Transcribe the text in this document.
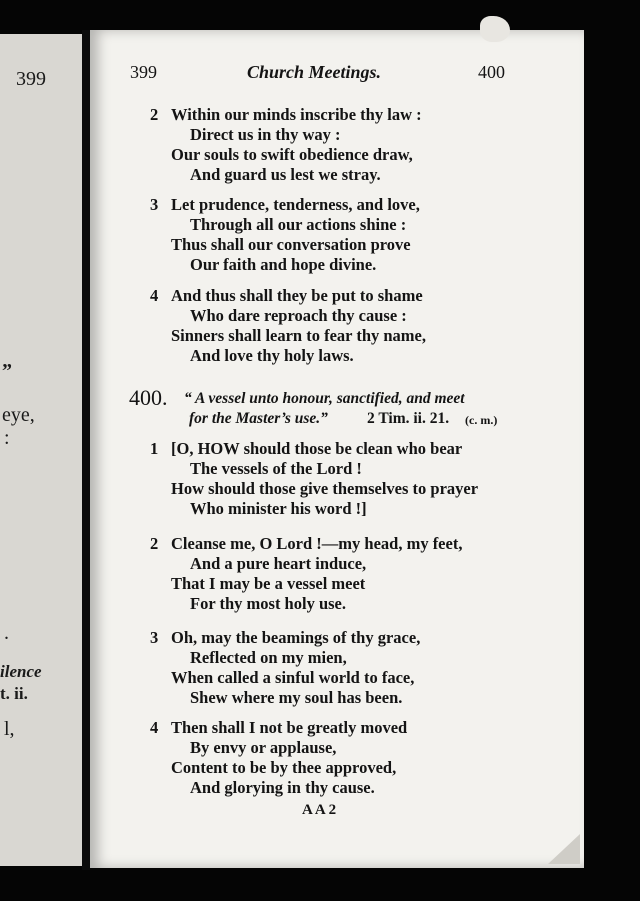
399
”
eye,
:
.
ilence
t. ii.
l,
399	Church Meetings.	400
2 Within our minds inscribe thy law :
Direct us in thy way :
Our souls to swift obedience draw,
And guard us lest we stray.
3 Let prudence, tenderness, and love,
Through all our actions shine :
Thus shall our conversation prove
Our faith and hope divine.
4 And thus shall they be put to shame
Who dare reproach thy cause :
Sinners shall learn to fear thy name,
And love thy holy laws.
400. “ A vessel unto honour, sanctified, and meet
for the Master’s use.”	2 Tim. ii. 21. (c. m.)
1 [O, HOW should those be clean who bear
The vessels of the Lord !
How should those give themselves to prayer
Who minister his word !]
2 Cleanse me, O Lord !—my head, my feet,
And a pure heart induce,
That I may be a vessel meet
For thy most holy use.
3 Oh, may the beamings of thy grace,
Reflected on my mien,
When called a sinful world to face,
Shew where my soul has been.
4 Then shall I not be greatly moved
By envy or applause,
Content to be by thee approved,
And glorying in thy cause.
A A 2
